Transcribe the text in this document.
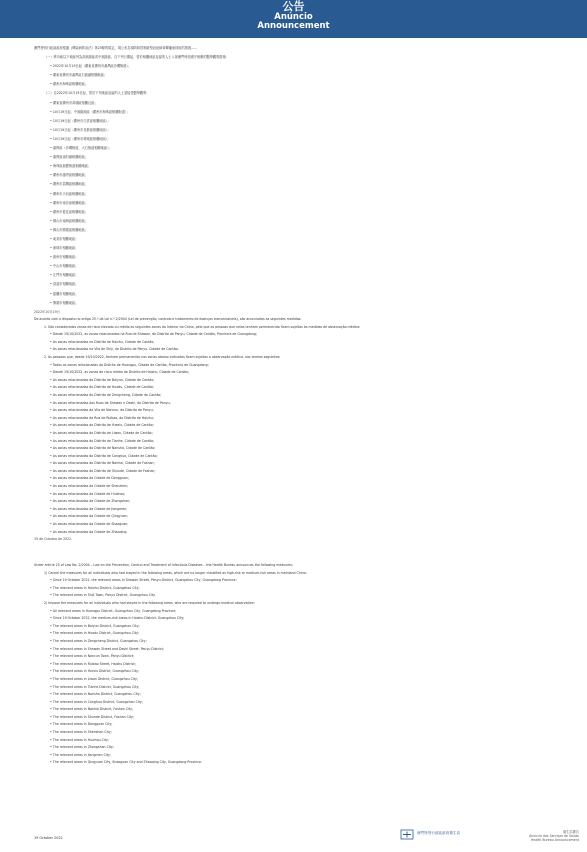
公告
Anúncio
Announcement
澳門特別行政區政府根據《傳染病防治法》第25條的規定，現公布為預防和控制新型冠狀病毒傳播而採取的措施……
（一）將內地以下地區列為高風險區或中風險區，自下列日期起，曾於相關地區逗留的人士入境澳門時須遵守相應的醫學觀察措施：
• 2022年10月19日起（廣東省廣州市番禺區沙灣街道）；
• 廣東省廣州市番禺區石碁鎮相關地區；
• 廣州市海珠區相關地區。
（二）自2022年10月19日起，曾於下列地區逗留的人士須接受醫學觀察：
• 廣東省廣州市黃埔區相關社區；
• 10月19日起，中風險地區（廣州市海珠區相關街道）；
• 10月19日起（廣州市白雲區相關地區）；
• 10月19日起（廣州市花都區相關地區）；
• 10月19日起（廣州市增城區相關地區）；
• 番禺區（沙灣街道、大石街道相關地區）；
• 番禺區南村鎮相關地區；
• 海珠區瑞寶街道相關地區；
• 廣州市越秀區相關地區；
• 廣州市荔灣區相關地區；
• 廣州市天河區相關地區；
• 廣州市南沙區相關地區；
• 廣州市從化區相關地區；
• 佛山市南海區相關地區；
• 佛山市順德區相關地區；
• 東莞市相關地區；
• 深圳市相關地區；
• 惠州市相關地區；
• 中山市相關地區；
• 江門市相關地區；
• 清遠市相關地區；
• 韶關市相關地區；
• 肇慶市相關地區。
2022年10月19日
De acordo com o disposto no artigo 25.º da Lei n.º 2/2004 (Lei de prevenção, controlo e tratamento de doenças transmissíveis), são anunciadas as seguintes medidas:
1. São consideradas zonas de risco elevado ou médio as seguintes zonas do Interior da China, pelo que as pessoas que nelas tenham permanecido ficam sujeitas às medidas de observação médica:
• Desde 19/10/2022, as zonas relacionadas na Rua de Shawan, do Distrito de Panyu, Cidade de Cantão, Província de Guangdong;
• As zonas relacionadas no Distrito de Haizhu, Cidade de Cantão;
• As zonas relacionadas na Vila de Shiji, do Distrito de Panyu, Cidade de Cantão.
2. As pessoas que, desde 19/10/2022, tenham permanecido nas zonas abaixo indicadas ficam sujeitas a observação médica, nos termos seguintes:
• Todas as zonas relacionadas do Distrito de Huangpu, Cidade de Cantão, Província de Guangdong;
• Desde 19/10/2022, as zonas de risco médio do Distrito de Haizhu, Cidade de Cantão;
• As zonas relacionadas do Distrito de Baiyun, Cidade de Cantão;
• As zonas relacionadas do Distrito de Huadu, Cidade de Cantão;
• As zonas relacionadas do Distrito de Zengcheng, Cidade de Cantão;
• As zonas relacionadas das Ruas de Shawan e Dashi, do Distrito de Panyu;
• As zonas relacionadas da Vila de Nancun, do Distrito de Panyu;
• As zonas relacionadas da Rua de Ruibao, do Distrito de Haizhu;
• As zonas relacionadas do Distrito de Yuexiu, Cidade de Cantão;
• As zonas relacionadas do Distrito de Liwan, Cidade de Cantão;
• As zonas relacionadas do Distrito de Tianhe, Cidade de Cantão;
• As zonas relacionadas do Distrito de Nansha, Cidade de Cantão;
• As zonas relacionadas do Distrito de Conghua, Cidade de Cantão;
• As zonas relacionadas do Distrito de Nanhai, Cidade de Foshan;
• As zonas relacionadas do Distrito de Shunde, Cidade de Foshan;
• As zonas relacionadas da Cidade de Dongguan;
• As zonas relacionadas da Cidade de Shenzhen;
• As zonas relacionadas da Cidade de Huizhou;
• As zonas relacionadas da Cidade de Zhongshan;
• As zonas relacionadas da Cidade de Jiangmen;
• As zonas relacionadas da Cidade de Qingyuan;
• As zonas relacionadas da Cidade de Shaoguan;
• As zonas relacionadas da Cidade de Zhaoqing.
19 de Outubro de 2022.
Under article 25 of Law No. 2/2004 – Law on the Prevention, Control and Treatment of Infectious Diseases – the Health Bureau announces the following measures:
1) Cancel the measures for all individuals who had stayed in the following areas, which are no longer classified as high-risk or medium-risk areas in mainland China:
• Since 19 October 2022, the relevant areas in Shawan Street, Panyu District, Guangzhou City, Guangdong Province;
• The relevant areas in Haizhu District, Guangzhou City;
• The relevant areas in Shiji Town, Panyu District, Guangzhou City.
2) Impose the measures for all individuals who had stayed in the following areas, who are required to undergo medical observation:
• All relevant areas in Huangpu District, Guangzhou City, Guangdong Province;
• Since 19 October 2022, the medium-risk areas in Haizhu District, Guangzhou City;
• The relevant areas in Baiyun District, Guangzhou City;
• The relevant areas in Huadu District, Guangzhou City;
• The relevant areas in Zengcheng District, Guangzhou City;
• The relevant areas in Shawan Street and Dashi Street, Panyu District;
• The relevant areas in Nancun Town, Panyu District;
• The relevant areas in Ruibao Street, Haizhu District;
• The relevant areas in Yuexiu District, Guangzhou City;
• The relevant areas in Liwan District, Guangzhou City;
• The relevant areas in Tianhe District, Guangzhou City;
• The relevant areas in Nansha District, Guangzhou City;
• The relevant areas in Conghua District, Guangzhou City;
• The relevant areas in Nanhai District, Foshan City;
• The relevant areas in Shunde District, Foshan City;
• The relevant areas in Dongguan City;
• The relevant areas in Shenzhen City;
• The relevant areas in Huizhou City;
• The relevant areas in Zhongshan City;
• The relevant areas in Jiangmen City;
• The relevant areas in Qingyuan City, Shaoguan City and Zhaoqing City, Guangdong Province.
19 October 2022
澳門特別行政區政府衛生局	衛生局廣告
Anúncio dos Serviços de Saúde
Health Bureau Announcement
